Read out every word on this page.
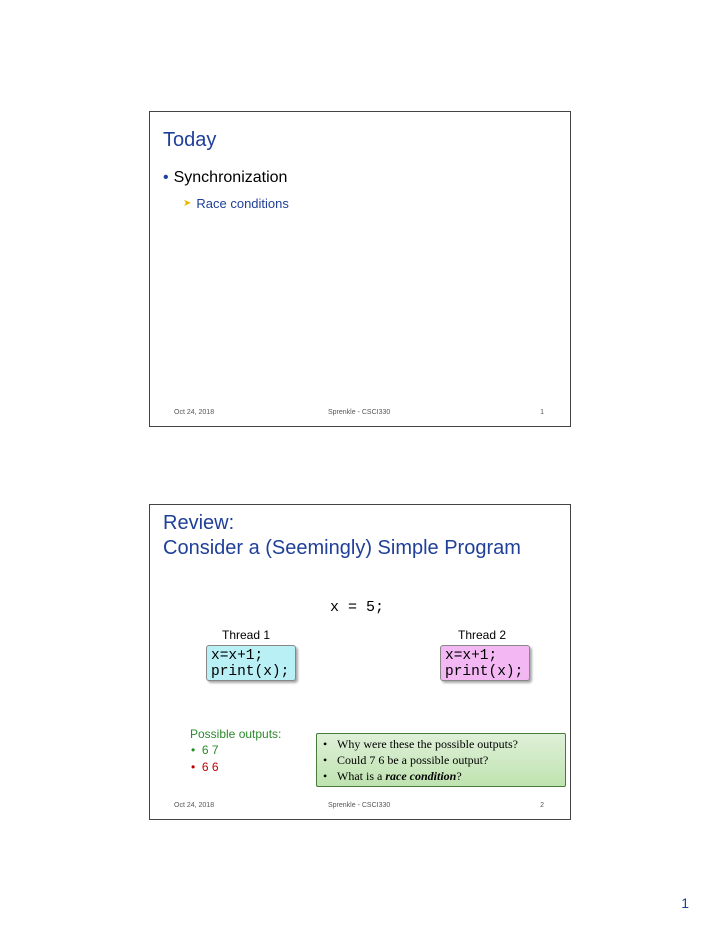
Today
• Synchronization
➤ Race conditions
Oct 24, 2018	Sprenkle - CSCI330	1
Review:
Consider a (Seemingly) Simple Program
x = 5;
Thread 1	Thread 2
x=x+1;
print(x);
x=x+1;
print(x);
Possible outputs:
•  6 7
•  6 6
• Why were these the possible outputs?
• Could 7 6 be a possible output?
• What is a race condition?
Oct 24, 2018	Sprenkle - CSCI330	2
1
